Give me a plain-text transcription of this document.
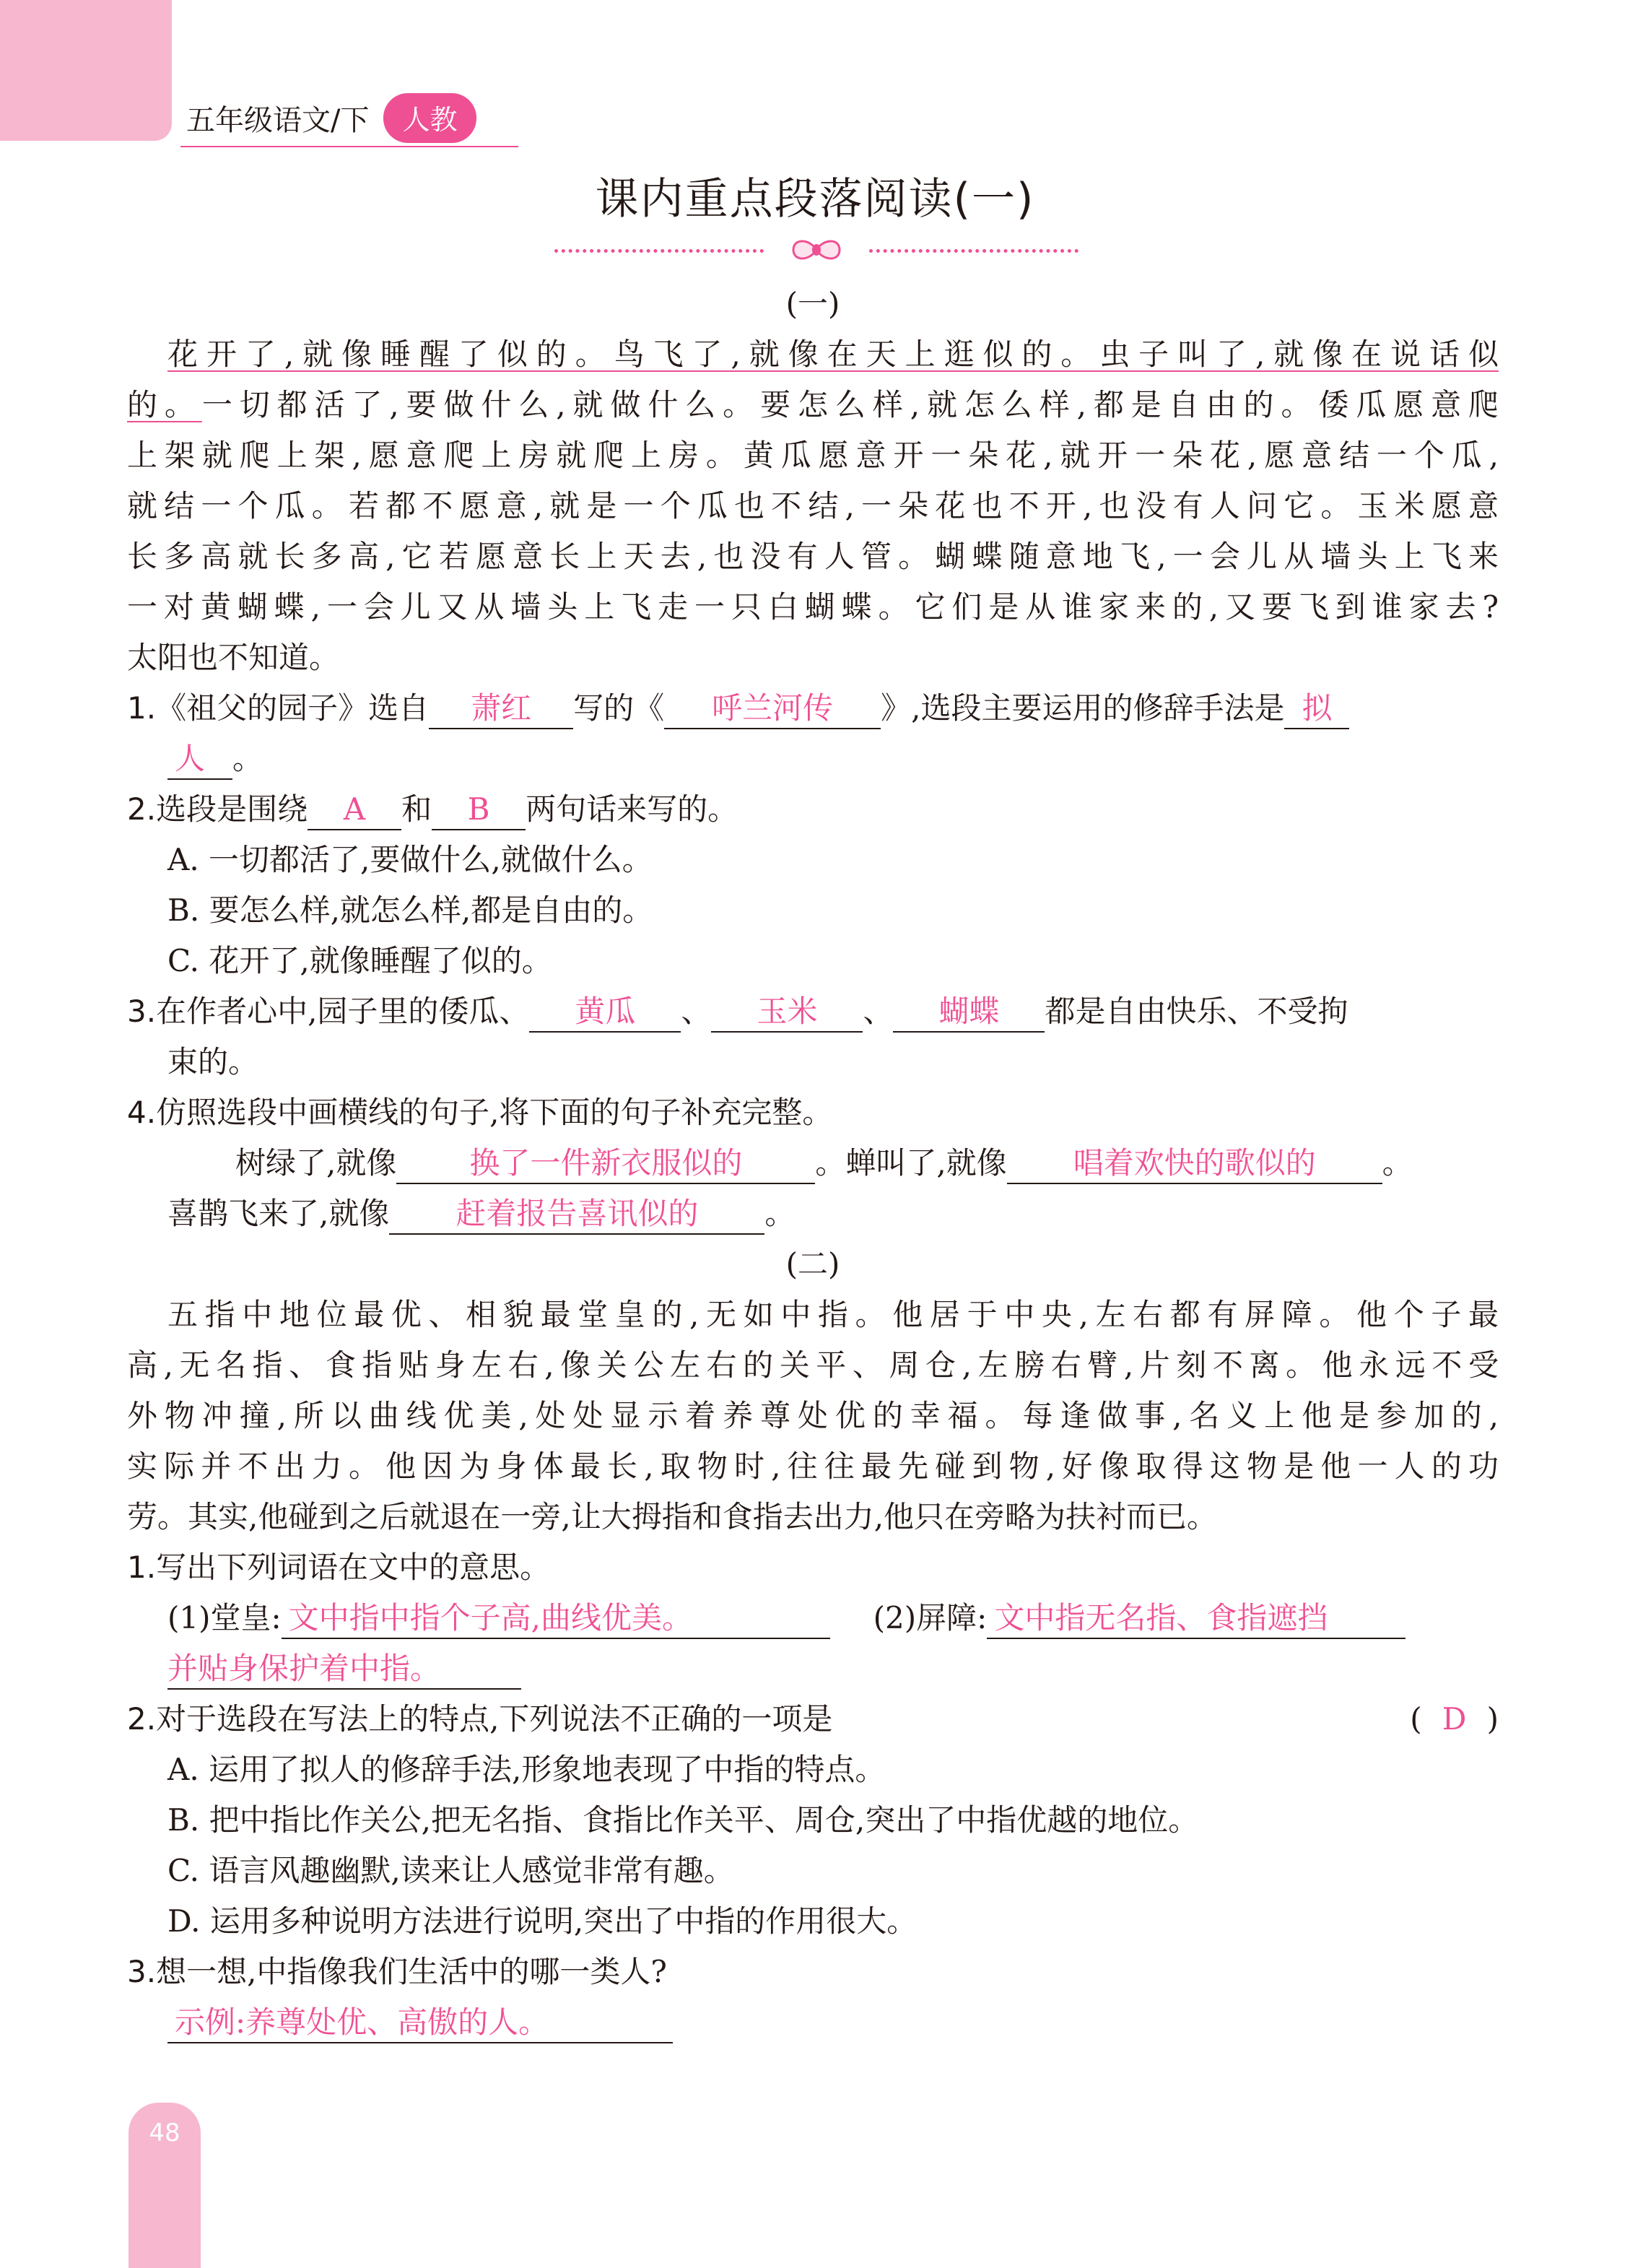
五年级语文/下	人教
课内重点段落阅读(一)
(一)
花开了,就像睡醒了似的。鸟飞了,就像在天上逛似的。虫子叫了,就像在说话似
的。一切都活了,要做什么,就做什么。要怎么样,就怎么样,都是自由的。倭瓜愿意爬
上架就爬上架,愿意爬上房就爬上房。黄瓜愿意开一朵花,就开一朵花,愿意结一个瓜,
就结一个瓜。若都不愿意,就是一个瓜也不结,一朵花也不开,也没有人问它。玉米愿意
长多高就长多高,它若愿意长上天去,也没有人管。蝴蝶随意地飞,一会儿从墙头上飞来
一对黄蝴蝶,一会儿又从墙头上飞走一只白蝴蝶。它们是从谁家来的,又要飞到谁家去?
太阳也不知道。
1.《祖父的园子》选自 萧红 写的《 呼兰河传 》,选段主要运用的修辞手法是 拟
人 。
2.选段是围绕 A 和 B 两句话来写的。
A. 一切都活了,要做什么,就做什么。
B. 要怎么样,就怎么样,都是自由的。
C. 花开了,就像睡醒了似的。
3.在作者心中,园子里的倭瓜、 黄瓜 、 玉米 、 蝴蝶 都是自由快乐、不受拘
束的。
4.仿照选段中画横线的句子,将下面的句子补充完整。
树绿了,就像 换了一件新衣服似的 。蝉叫了,就像 唱着欢快的歌似的 。
喜鹊飞来了,就像 赶着报告喜讯似的 。
(二)
五指中地位最优、相貌最堂皇的,无如中指。他居于中央,左右都有屏障。他个子最
高,无名指、食指贴身左右,像关公左右的关平、周仓,左膀右臂,片刻不离。他永远不受
外物冲撞,所以曲线优美,处处显示着养尊处优的幸福。每逢做事,名义上他是参加的,
实际并不出力。他因为身体最长,取物时,往往最先碰到物,好像取得这物是他一人的功
劳。其实,他碰到之后就退在一旁,让大拇指和食指去出力,他只在旁略为扶衬而已。
1.写出下列词语在文中的意思。
(1)堂皇: 文中指中指个子高,曲线优美。	(2)屏障: 文中指无名指、食指遮挡
并贴身保护着中指。
2.对于选段在写法上的特点,下列说法不正确的一项是	( D )
A. 运用了拟人的修辞手法,形象地表现了中指的特点。
B. 把中指比作关公,把无名指、食指比作关平、周仓,突出了中指优越的地位。
C. 语言风趣幽默,读来让人感觉非常有趣。
D. 运用多种说明方法进行说明,突出了中指的作用很大。
3.想一想,中指像我们生活中的哪一类人?
示例:养尊处优、高傲的人。
48
